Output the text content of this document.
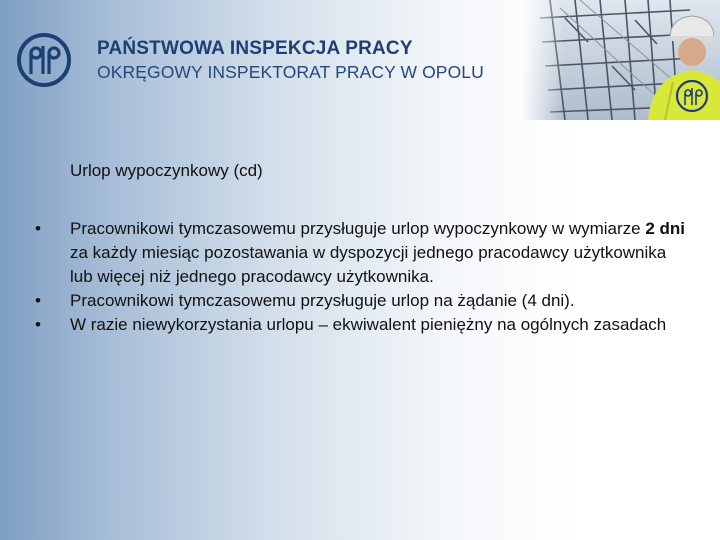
PAŃSTWOWA INSPEKCJA PRACY
OKRĘGOWY INSPEKTORAT PRACY W OPOLU
Urlop wypoczynkowy (cd)
•	Pracownikowi tymczasowemu przysługuje urlop wypoczynkowy w wymiarze 2 dni za każdy miesiąc pozostawania w dyspozycji jednego pracodawcy użytkownika lub więcej niż jednego pracodawcy użytkownika.
•	Pracownikowi tymczasowemu przysługuje urlop na żądanie (4 dni).
•	W razie niewykorzystania urlopu – ekwiwalent pieniężny na ogólnych zasadach
